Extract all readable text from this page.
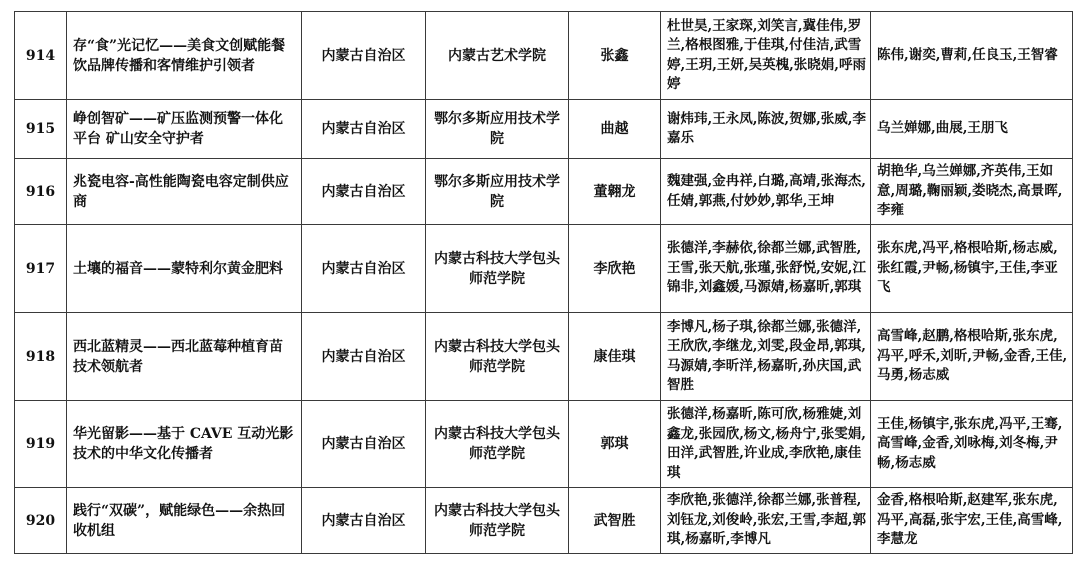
914	存“食”光记忆——美食文创赋能餐饮品牌传播和客情维护引领者	内蒙古自治区	内蒙古艺术学院	张鑫	杜世昊,王家琛,刘笑言,冀佳伟,罗兰,格根图雅,于佳琪,付佳洁,武雪婷,王玥,王妍,吴英槐,张晓娟,呼雨婷	陈伟,谢奕,曹莉,任良玉,王智睿
915	峥创智矿——矿压监测预警一体化平台 矿山安全守护者	内蒙古自治区	鄂尔多斯应用技术学院	曲越	谢炜玮,王永凤,陈波,贺娜,张威,李嘉乐	乌兰婵娜,曲展,王朋飞
916	兆瓷电容-高性能陶瓷电容定制供应商	内蒙古自治区	鄂尔多斯应用技术学院	董翱龙	魏建强,金冉祥,白璐,高靖,张海杰,任婧,郭燕,付妙妙,郭华,王坤	胡艳华,乌兰婵娜,齐英伟,王如意,周璐,鞠丽颖,娄晓杰,高景晖,李雍
917	土壤的福音——蒙特利尔黄金肥料	内蒙古自治区	内蒙古科技大学包头师范学院	李欣艳	张德洋,李赫依,徐都兰娜,武智胜,王雪,张天航,张瑾,张舒悦,安妮,江锦非,刘鑫媛,马源婧,杨嘉昕,郭琪	张东虎,冯平,格根哈斯,杨志威,张红霞,尹畅,杨镇宇,王佳,李亚飞
918	西北蓝精灵——西北蓝莓种植育苗技术领航者	内蒙古自治区	内蒙古科技大学包头师范学院	康佳琪	李博凡,杨子琪,徐都兰娜,张德洋,王欣欣,李继龙,刘雯,段金昂,郭琪,马源婧,李昕洋,杨嘉昕,孙庆国,武智胜	高雪峰,赵鹏,格根哈斯,张东虎,冯平,呼禾,刘昕,尹畅,金香,王佳,马勇,杨志威
919	华光留影——基于 CAVE 互动光影技术的中华文化传播者	内蒙古自治区	内蒙古科技大学包头师范学院	郭琪	张德洋,杨嘉昕,陈可欣,杨雅婕,刘鑫龙,张园欣,杨文,杨舟宁,张雯娟,田洋,武智胜,许业成,李欣艳,康佳琪	王佳,杨镇宇,张东虎,冯平,王骞,高雪峰,金香,刘咏梅,刘冬梅,尹畅,杨志威
920	践行“双碳”，赋能绿色——余热回收机组	内蒙古自治区	内蒙古科技大学包头师范学院	武智胜	李欣艳,张德洋,徐都兰娜,张普程,刘钰龙,刘俊岭,张宏,王雪,李超,郭琪,杨嘉昕,李博凡	金香,格根哈斯,赵建军,张东虎,冯平,高磊,张宇宏,王佳,高雪峰,李慧龙
